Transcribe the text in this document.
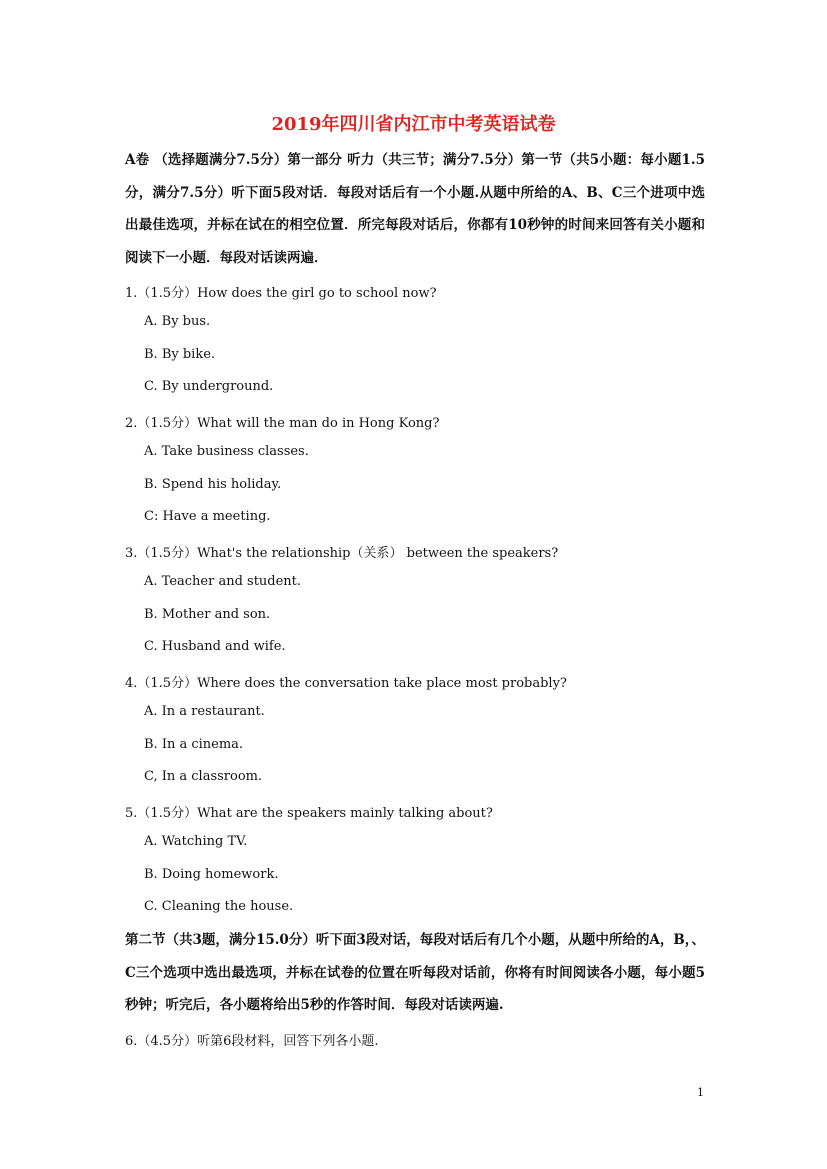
2019年四川省内江市中考英语试卷
A卷 （选择题满分7.5分）第一部分 听力（共三节；满分7.5分）第一节（共5小题：每小题1.5分，满分7.5分）听下面5段对话．每段对话后有一个小题.从题中所给的A、B、C三个进项中选出最佳选项，并标在试在的相空位置．所完每段对话后，你都有10秒钟的时间来回答有关小题和阅读下一小题．每段对话读两遍．
1.（1.5分）How does the girl go to school now?
A. By bus.
B. By bike.
C. By underground.
2.（1.5分）What will the man do in Hong Kong?
A. Take business classes.
B. Spend his holiday.
C: Have a meeting.
3.（1.5分）What's the relationship（关系） between the speakers?
A. Teacher and student.
B. Mother and son.
C. Husband and wife.
4.（1.5分）Where does the conversation take place most probably?
A. In a restaurant.
B. In a cinema.
C, In a classroom.
5.（1.5分）What are the speakers mainly talking about?
A. Watching TV.
B. Doing homework.
C. Cleaning the house.
第二节（共3题，满分15.0分）听下面3段对话，每段对话后有几个小题，从题中所给的A，B，、C三个选项中选出最选项，并标在试卷的位置在听每段对话前，你将有时间阅读各小题，每小题5秒钟；听完后，各小题将给出5秒的作答时间．每段对话读两遍.
6.（4.5分）听第6段材料，回答下列各小题.
1
